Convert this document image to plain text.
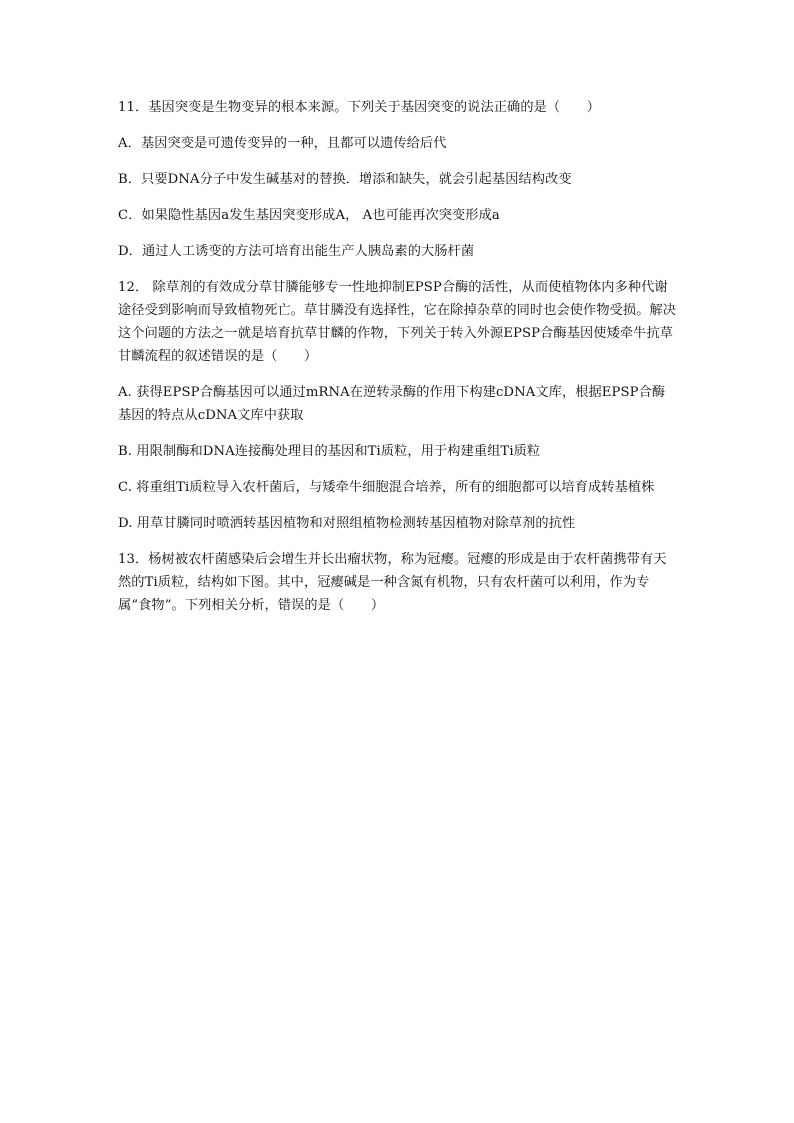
11．基因突变是生物变异的根本来源。下列关于基因突变的说法正确的是（　　）

A．基因突变是可遗传变异的一种，且都可以遗传给后代

B．只要DNA分子中发生碱基对的替换．增添和缺失，就会引起基因结构改变

C．如果隐性基因a发生基因突变形成A， A也可能再次突变形成a

D．通过人工诱变的方法可培育出能生产人胰岛素的大肠杆菌

12． 除草剂的有效成分草甘膦能够专一性地抑制EPSP合酶的活性，从而使植物体内多种代谢途径受到影响而导致植物死亡。草甘膦没有选择性，它在除掉杂草的同时也会使作物受损。解决这个问题的方法之一就是培育抗草甘麟的作物，下列关于转入外源EPSP合酶基因使矮牵牛抗草甘麟流程的叙述错误的是（　　）

A. 获得EPSP合酶基因可以通过mRNA在逆转录酶的作用下构建cDNA文库，根据EPSP合酶基因的特点从cDNA文库中获取

B. 用限制酶和DNA连接酶处理目的基因和Ti质粒，用于构建重组Ti质粒

C. 将重组Ti质粒导入农杆菌后，与矮牵牛细胞混合培养，所有的细胞都可以培育成转基植株

D. 用草甘膦同时喷洒转基因植物和对照组植物检测转基因植物对除草剂的抗性

13．杨树被农杆菌感染后会增生并长出瘤状物，称为冠瘿。冠瘿的形成是由于农杆菌携带有天然的Ti质粒，结构如下图。其中，冠瘿碱是一种含氮有机物，只有农杆菌可以利用，作为专属“食物”。下列相关分析，错误的是（　　）
